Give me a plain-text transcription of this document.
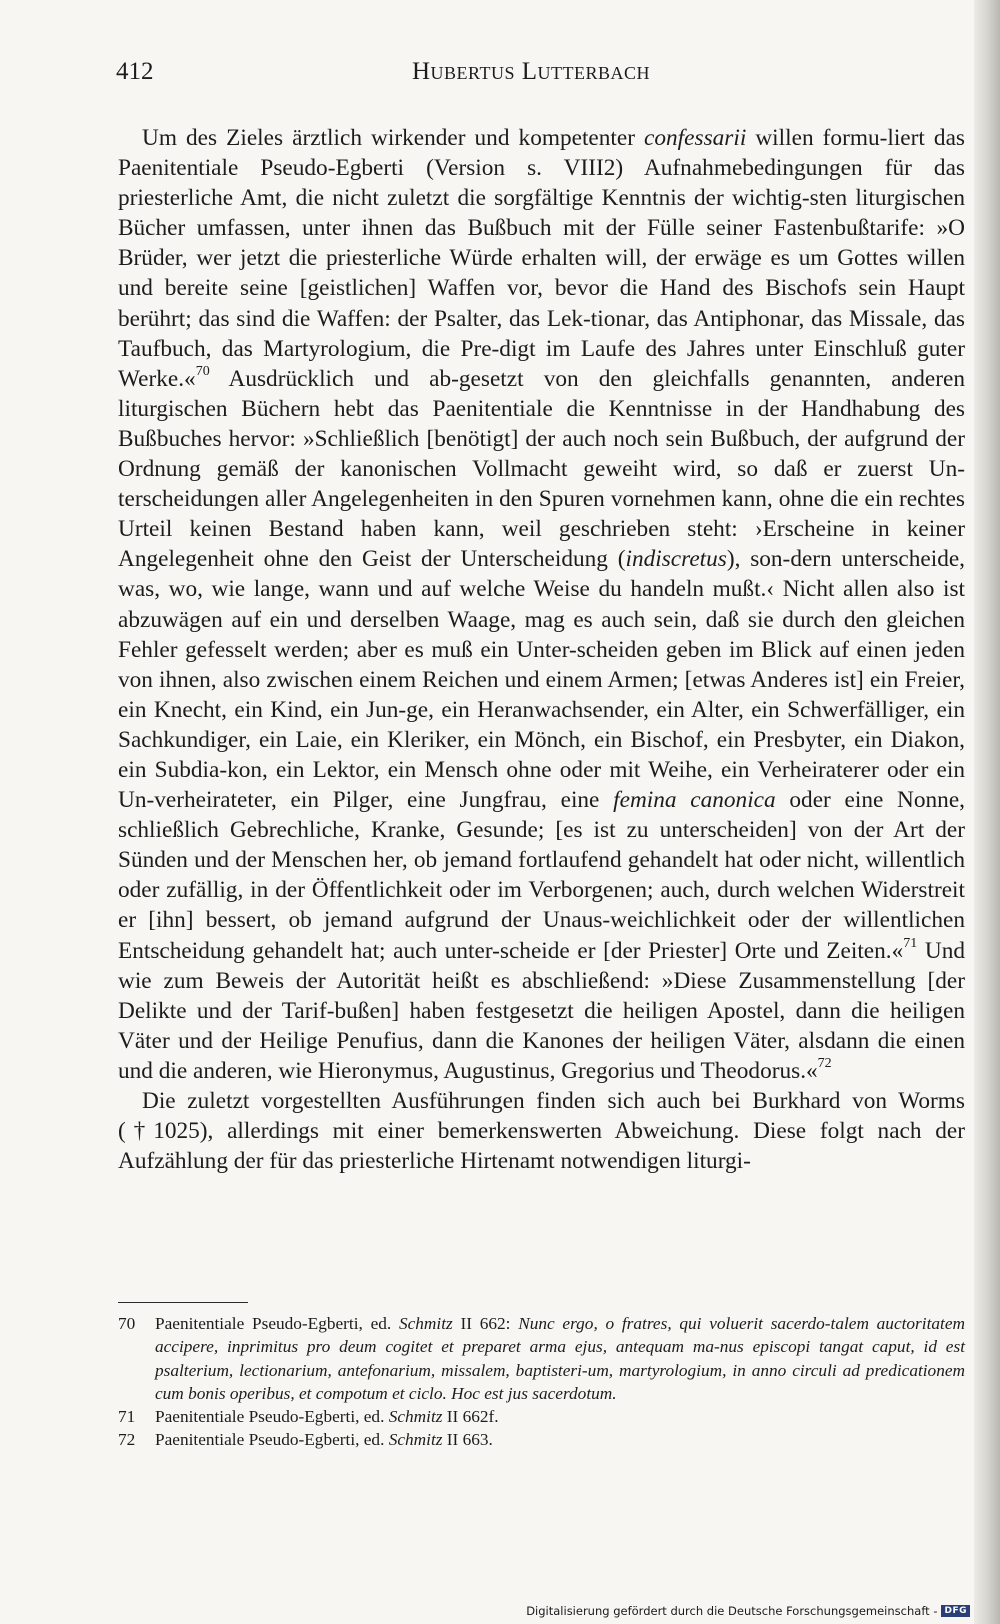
412	Hubertus Lutterbach

Um des Zieles ärztlich wirkender und kompetenter confessarii willen formu-liert das Paenitentiale Pseudo-Egberti (Version s. VIII2) Aufnahmebedingungen für das priesterliche Amt, die nicht zuletzt die sorgfältige Kenntnis der wichtig-sten liturgischen Bücher umfassen, unter ihnen das Bußbuch mit der Fülle seiner Fastenbußtarife: »O Brüder, wer jetzt die priesterliche Würde erhalten will, der erwäge es um Gottes willen und bereite seine [geistlichen] Waffen vor, bevor die Hand des Bischofs sein Haupt berührt; das sind die Waffen: der Psalter, das Lek-tionar, das Antiphonar, das Missale, das Taufbuch, das Martyrologium, die Pre-digt im Laufe des Jahres unter Einschluß guter Werke.«$^{70}$ Ausdrücklich und ab-gesetzt von den gleichfalls genannten, anderen liturgischen Büchern hebt das Paenitentiale die Kenntnisse in der Handhabung des Bußbuches hervor: »Schließlich [benötigt] der auch noch sein Bußbuch, der aufgrund der Ordnung gemäß der kanonischen Vollmacht geweiht wird, so daß er zuerst Un-terscheidungen aller Angelegenheiten in den Spuren vornehmen kann, ohne die ein rechtes Urteil keinen Bestand haben kann, weil geschrieben steht: ›Erscheine in keiner Angelegenheit ohne den Geist der Unterscheidung (indiscretus), son-dern unterscheide, was, wo, wie lange, wann und auf welche Weise du handeln mußt.‹ Nicht allen also ist abzuwägen auf ein und derselben Waage, mag es auch sein, daß sie durch den gleichen Fehler gefesselt werden; aber es muß ein Unter-scheiden geben im Blick auf einen jeden von ihnen, also zwischen einem Reichen und einem Armen; [etwas Anderes ist] ein Freier, ein Knecht, ein Kind, ein Jun-ge, ein Heranwachsender, ein Alter, ein Schwerfälliger, ein Sachkundiger, ein Laie, ein Kleriker, ein Mönch, ein Bischof, ein Presbyter, ein Diakon, ein Subdia-kon, ein Lektor, ein Mensch ohne oder mit Weihe, ein Verheiraterer oder ein Un-verheirateter, ein Pilger, eine Jungfrau, eine femina canonica oder eine Nonne, schließlich Gebrechliche, Kranke, Gesunde; [es ist zu unterscheiden] von der Art der Sünden und der Menschen her, ob jemand fortlaufend gehandelt hat oder nicht, willentlich oder zufällig, in der Öffentlichkeit oder im Verborgenen; auch, durch welchen Widerstreit er [ihn] bessert, ob jemand aufgrund der Unaus-weichlichkeit oder der willentlichen Entscheidung gehandelt hat; auch unter-scheide er [der Priester] Orte und Zeiten.«$^{71}$ Und wie zum Beweis der Autorität heißt es abschließend: »Diese Zusammenstellung [der Delikte und der Tarif-bußen] haben festgesetzt die heiligen Apostel, dann die heiligen Väter und der Heilige Penufius, dann die Kanones der heiligen Väter, alsdann die einen und die anderen, wie Hieronymus, Augustinus, Gregorius und Theodorus.«$^{72}$

Die zuletzt vorgestellten Ausführungen finden sich auch bei Burkhard von Worms (†1025), allerdings mit einer bemerkenswerten Abweichung. Diese folgt nach der Aufzählung der für das priesterliche Hirtenamt notwendigen liturgi-

70 Paenitentiale Pseudo-Egberti, ed. Schmitz II 662: Nunc ergo, o fratres, qui voluerit sacerdo-talem auctoritatem accipere, inprimitus pro deum cogitet et preparet arma ejus, antequam ma-nus episcopi tangat caput, id est psalterium, lectionarium, antefonarium, missalem, baptisteri-um, martyrologium, in anno circuli ad predicationem cum bonis operibus, et compotum et ciclo. Hoc est jus sacerdotum.

71 Paenitentiale Pseudo-Egberti, ed. Schmitz II 662f.

72 Paenitentiale Pseudo-Egberti, ed. Schmitz II 663.

Digitalisierung gefördert durch die Deutsche Forschungsgemeinschaft - DFG
